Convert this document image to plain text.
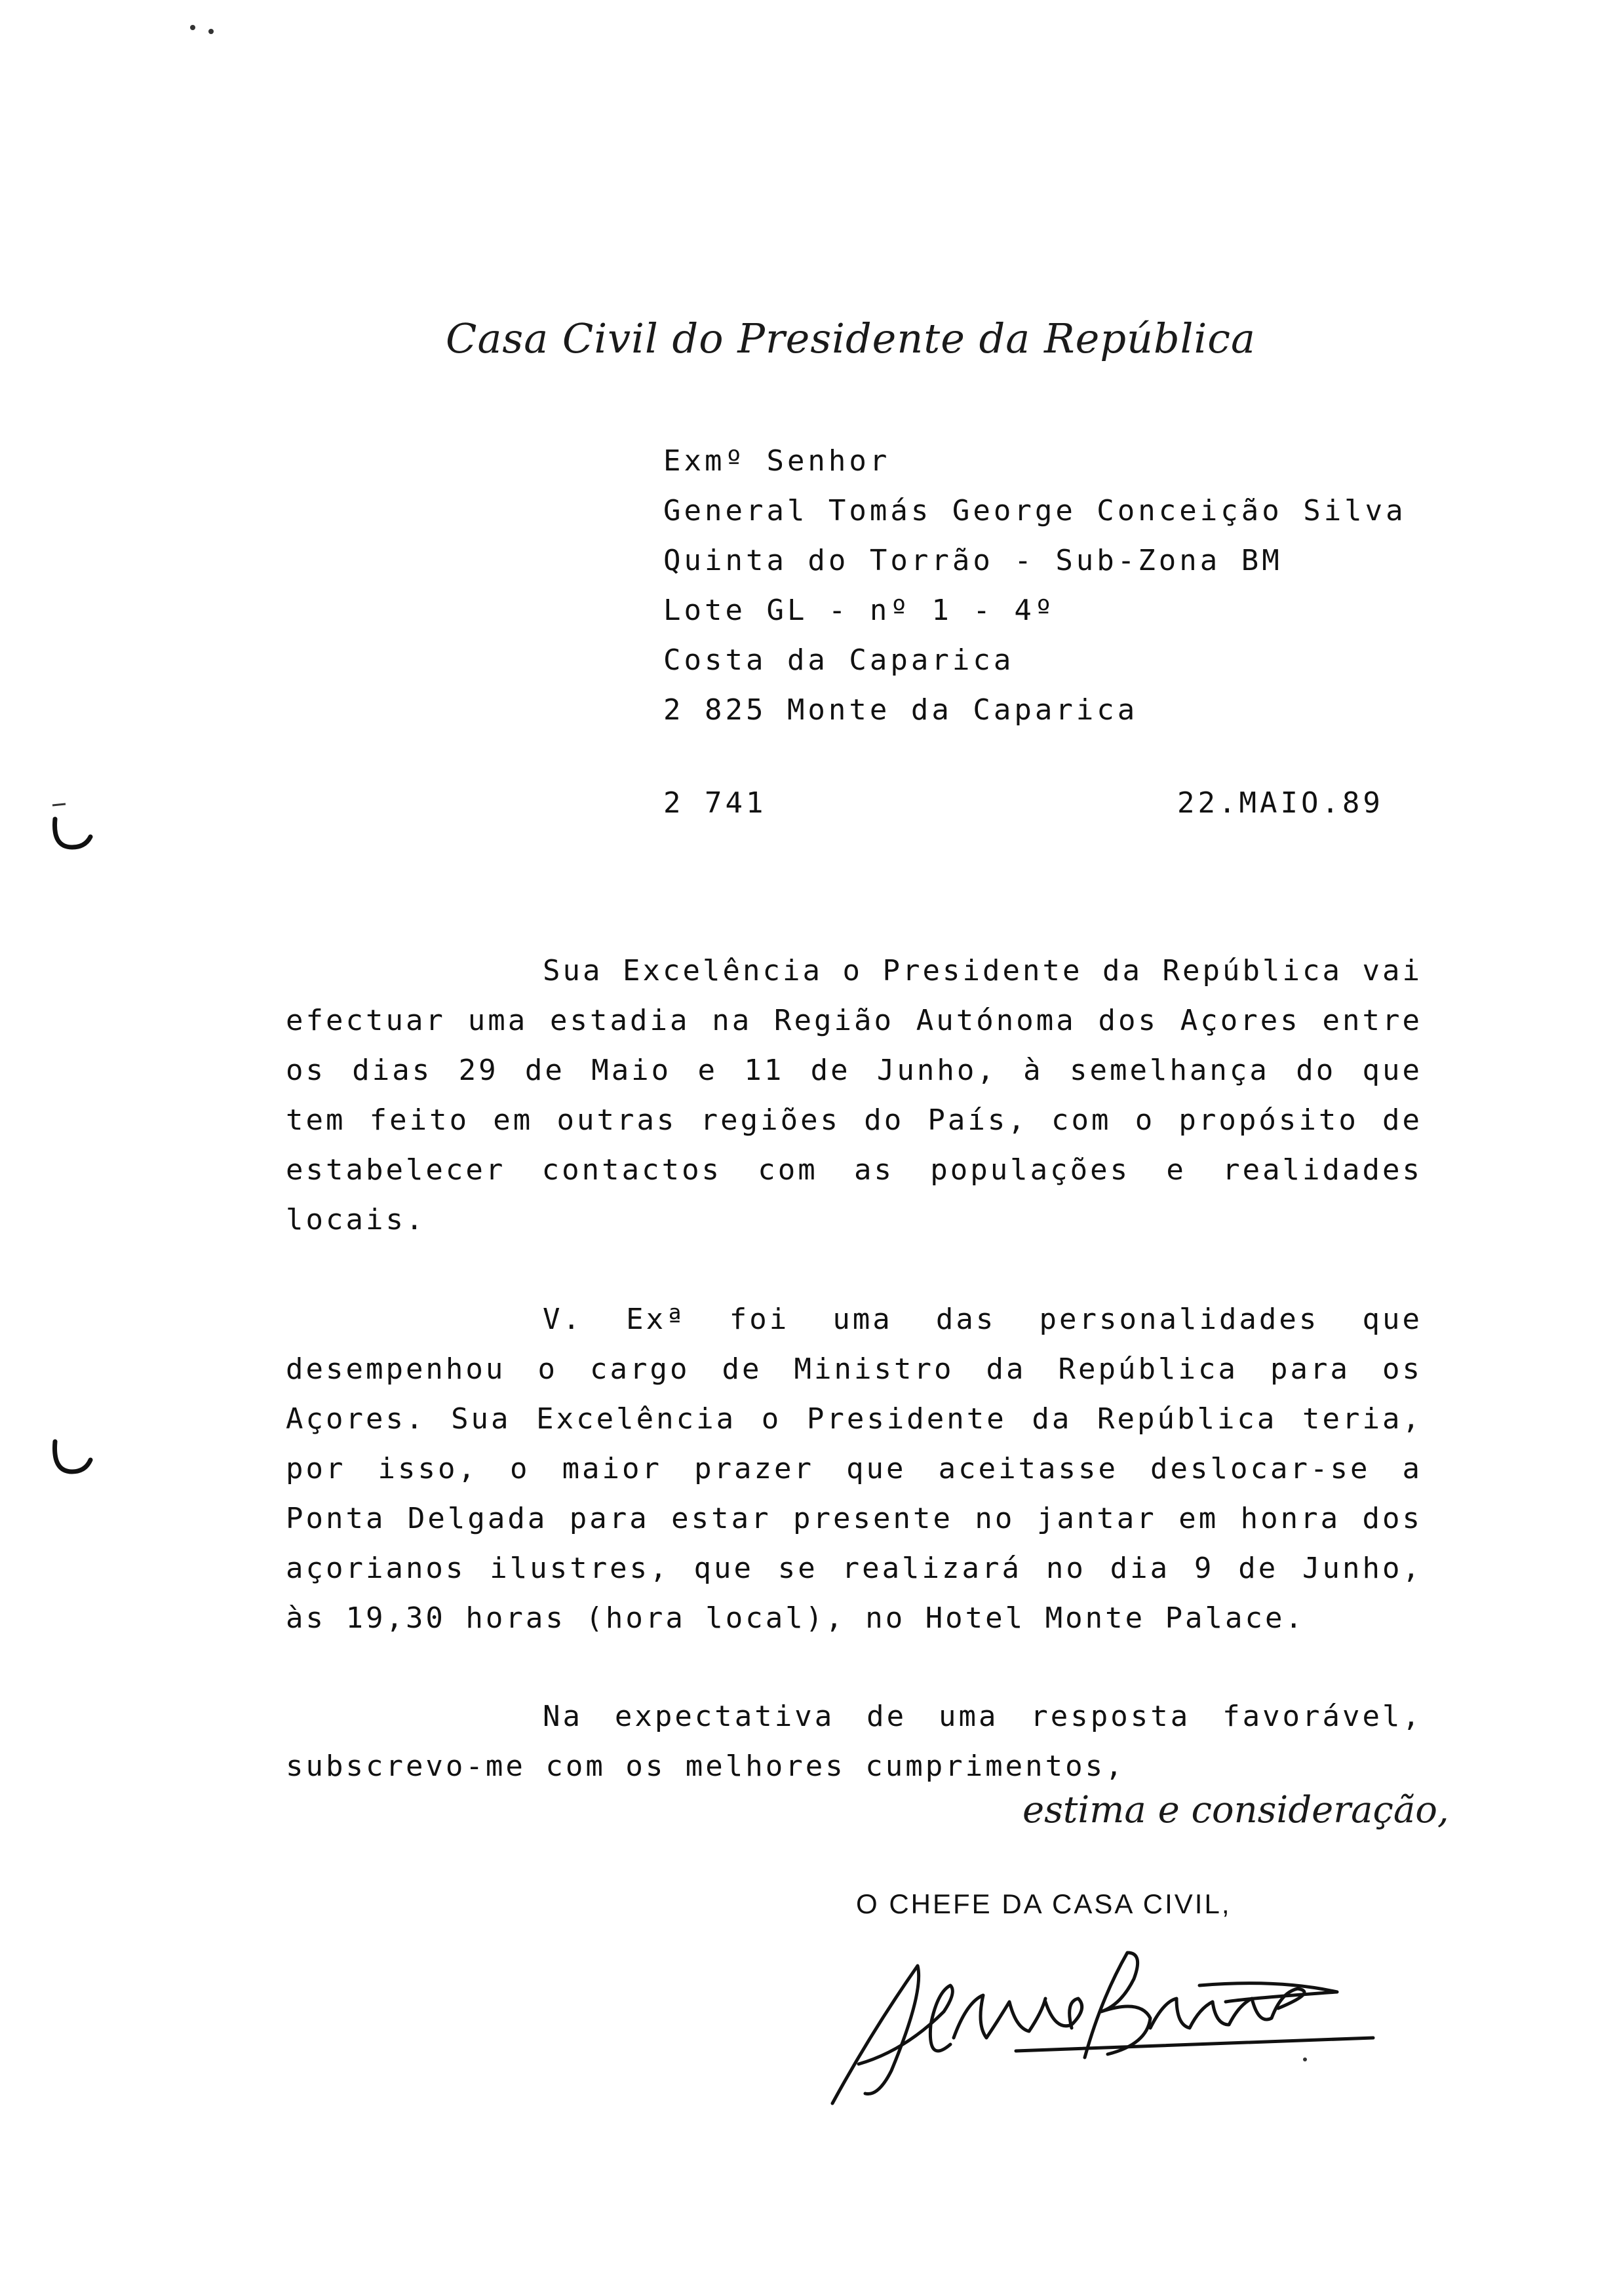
Casa Civil do Presidente da República
Exmº Senhor
General Tomás George Conceição Silva
Quinta do Torrão - Sub-Zona BM
Lote GL - nº 1 - 4º
Costa da Caparica
2 825 Monte da Caparica
2 741	22.MAIO.89

Sua Excelência o Presidente da República vai efectuar uma estadia na Região Autónoma dos Açores entre os dias 29 de Maio e 11 de Junho, à semelhança do que tem feito em outras regiões do País, com o propósito de estabelecer contactos com as populações e realidades locais.

V. Exª foi uma das personalidades que desempenhou o cargo de Ministro da República para os Açores. Sua Excelência o Presidente da República teria, por isso, o maior prazer que aceitasse deslocar-se a Ponta Delgada para estar presente no jantar em honra dos açorianos ilustres, que se realizará no dia 9 de Junho, às 19,30 horas (hora local), no Hotel Monte Palace.

Na expectativa de uma resposta favorável, subscrevo-me com os melhores cumprimentos,

estima e consideração,
O CHEFE DA CASA CIVIL,
